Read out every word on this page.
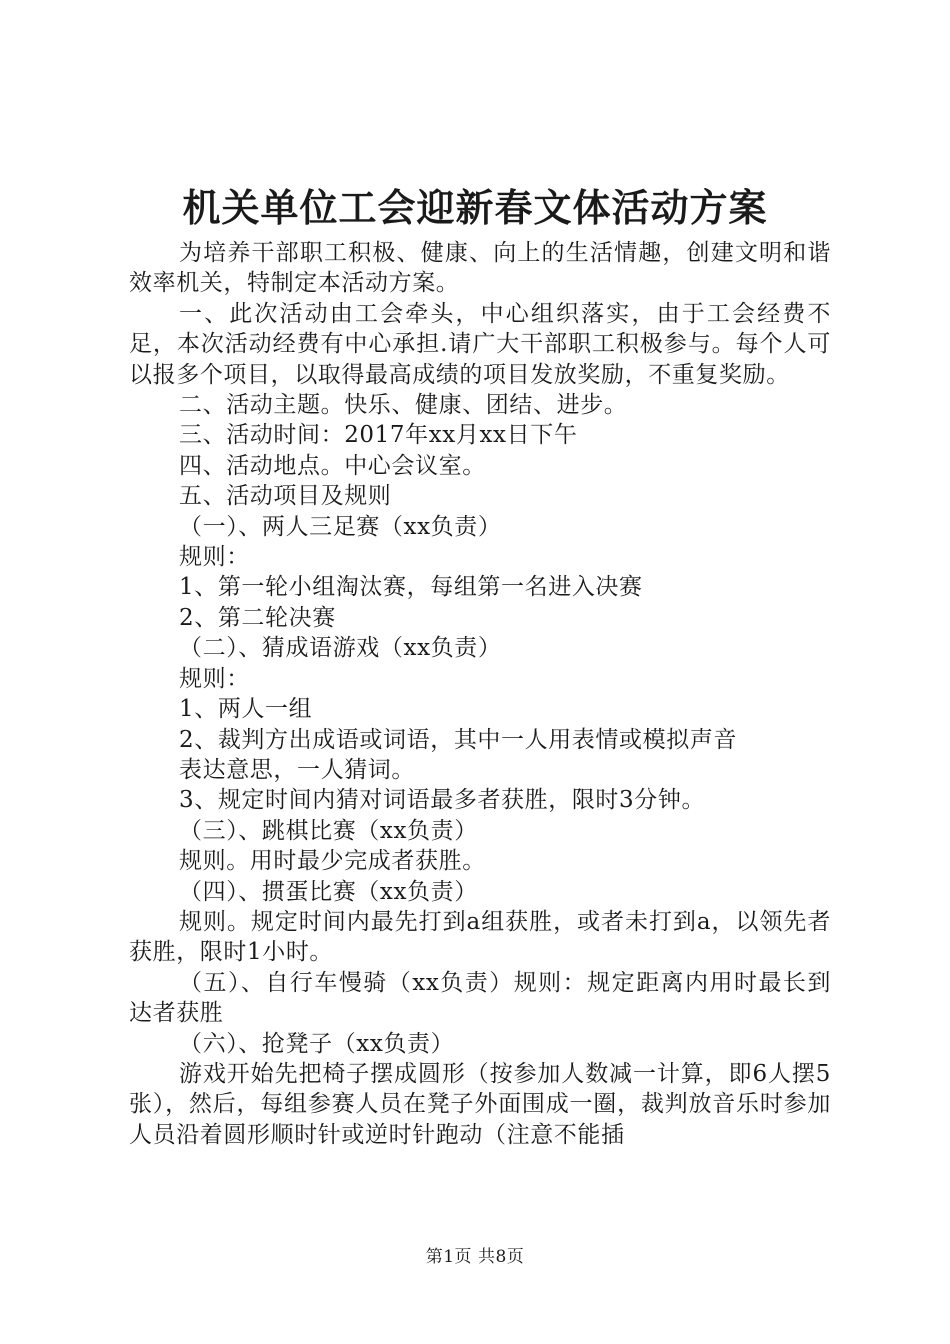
机关单位工会迎新春文体活动方案

为培养干部职工积极、健康、向上的生活情趣，创建文明和谐效率机关，特制定本活动方案。

一、此次活动由工会牵头，中心组织落实，由于工会经费不足，本次活动经费有中心承担.请广大干部职工积极参与。每个人可以报多个项目，以取得最高成绩的项目发放奖励，不重复奖励。

二、活动主题。快乐、健康、团结、进步。

三、活动时间：2017年xx月xx日下午

四、活动地点。中心会议室。

五、活动项目及规则

（一）、两人三足赛（xx负责）

规则：

1、第一轮小组淘汰赛，每组第一名进入决赛

2、第二轮决赛

（二）、猜成语游戏（xx负责）

规则：

1、两人一组

2、裁判方出成语或词语，其中一人用表情或模拟声音

表达意思，一人猜词。

3、规定时间内猜对词语最多者获胜，限时3分钟。

（三）、跳棋比赛（xx负责）

规则。用时最少完成者获胜。

（四）、掼蛋比赛（xx负责）

规则。规定时间内最先打到a组获胜，或者未打到a，以领先者获胜，限时1小时。

（五）、自行车慢骑（xx负责）规则：规定距离内用时最长到达者获胜

（六）、抢凳子（xx负责）

游戏开始先把椅子摆成圆形（按参加人数减一计算，即6人摆5张），然后，每组参赛人员在凳子外面围成一圈，裁判放音乐时参加人员沿着圆形顺时针或逆时针跑动（注意不能插

第1页 共8页
